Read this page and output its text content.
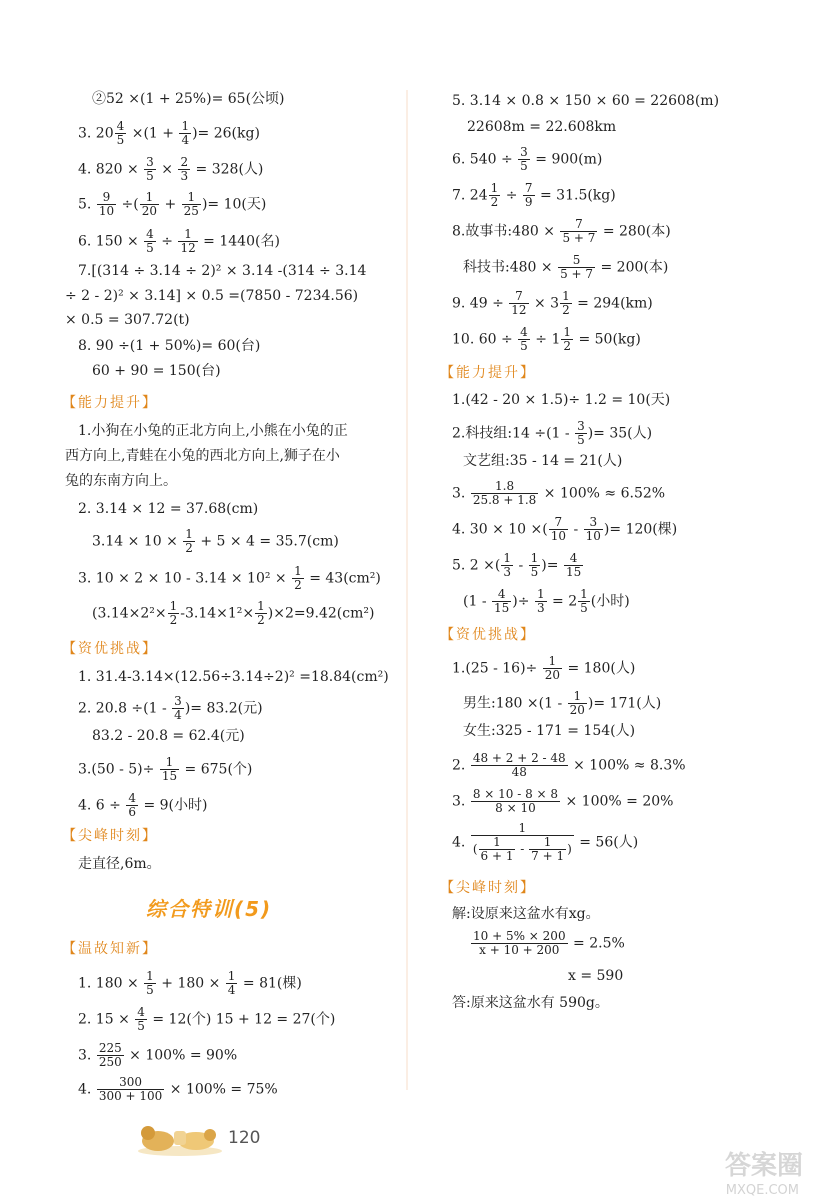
②52 ×(1 + 25%)= 65(公顷)
3. $20 \frac{4}{5} \times(1 + \frac{1}{4}$ )= 26(kg)
4. $820 \times \frac{3}{5} \times \frac{2}{3} = 328$(人)
5. $\frac{9}{10}$ ÷( $\frac{1}{20} + \frac{1}{25}$ )= 10(天)
6. $150 \times \frac{4}{5} \div \frac{1}{12} = 1440$(名)
7.[(314 ÷ 3.14 ÷ 2)² × 3.14 -(314 ÷ 3.14
÷ 2 - 2)² × 3.14] × 0.5 =(7850 - 7234.56)
× 0.5 = 307.72(t)
8. 90 ÷(1 + 50%)= 60(台)
60 + 90 = 150(台)
【能力提升】
1.小狗在小兔的正北方向上,小熊在小兔的正
西方向上,青蛙在小兔的西北方向上,狮子在小
兔的东南方向上。
2. 3.14 × 12 = 37.68(cm)
$3.14 \times 10 \times \frac{1}{2} + 5 \times 4 = 35.7(cm)$
3. $10 \times 2 \times 10 - 3.14 \times 10^2 \times \frac{1}{2} = 43(cm^2)$
$(3.14\times 2^2\times \frac{1}{2} -3.14\times 1^2\times \frac{1}{2} )\times 2=9.42(cm^2)$
【资优挑战】
1. 31.4-3.14×(12.56÷3.14÷2)² =18.84(cm²)
2. $20.8 \div(1 - \frac{3}{4}$ )= 83.2(元)
83.2 - 20.8 = 62.4(元)
$3.(50 - 5)\div \frac{1}{15} = 675$(个)
4. $6 \div \frac{4}{6} = 9$(小时)
【尖峰时刻】
走直径,6m。
综合特训(5)
【温故知新】
1. $180 \times \frac{1}{5} + 180 \times \frac{1}{4} = 81$(棵)
2. $15 \times \frac{4}{5} = 12$(个) 15 + 12 = 27(个)
3. $\frac{225}{250} \times 100\% = 90\%$
4. $\frac{300}{300 + 100} \times 100\% = 75\%$
5. 3.14 × 0.8 × 150 × 60 = 22608(m)
22608m = 22.608km
6. $540 \div \frac{3}{5} = 900(m)$
7. $24 \frac{1}{2} \div \frac{7}{9} = 31.5(kg)$
8.故事书:480 × $\frac{7}{5 + 7} = 280$(本)
科技书:480 × $\frac{5}{5 + 7} = 200$(本)
9. $49 \div \frac{7}{12} \times 3 \frac{1}{2} = 294(km)$
10. $60 \div \frac{4}{5} \div 1 \frac{1}{2} = 50(kg)$
【能力提升】
1.(42 - 20 × 1.5)÷ 1.2 = 10(天)
2.科技组:14 $\div(1 - \frac{3}{5}$ )= 35(人)
文艺组:35 - 14 = 21(人)
3. $\frac{1.8}{25.8 + 1.8} \times 100\% \approx 6.52\%$
4. 30 × 10 ×( $\frac{7}{10} - \frac{3}{10}$ )= 120(棵)
5. 2 ×( $\frac{1}{3} - \frac{1}{5}$ )= $\frac{4}{15}$
($1 - \frac{4}{15}$ )÷ $\frac{1}{3} = 2 \frac{1}{5}$ (小时)
【资优挑战】
$1.(25 - 16)\div \frac{1}{20} = 180$(人)
男生:180 $\times(1 - \frac{1}{20}$ )= 171(人)
女生:325 - 171 = 154(人)
2. $\frac{48 + 2 + 2 - 48}{48} \times 100\% \approx 8.3\%$
3. $\frac{8 \times 10 - 8 \times 8}{8 \times 10} \times 100\% = 20\%$
4. $\frac{1}{( \frac{1}{6 + 1} - \frac{1}{7 + 1} )} = 56$(人)
【尖峰时刻】
解:设原来这盆水有xg。
$\frac{10 + 5\% \times 200}{x + 10 + 200} = 2.5\%$
x = 590
答:原来这盆水有 590g。
120
答案圈
MXQE.COM
